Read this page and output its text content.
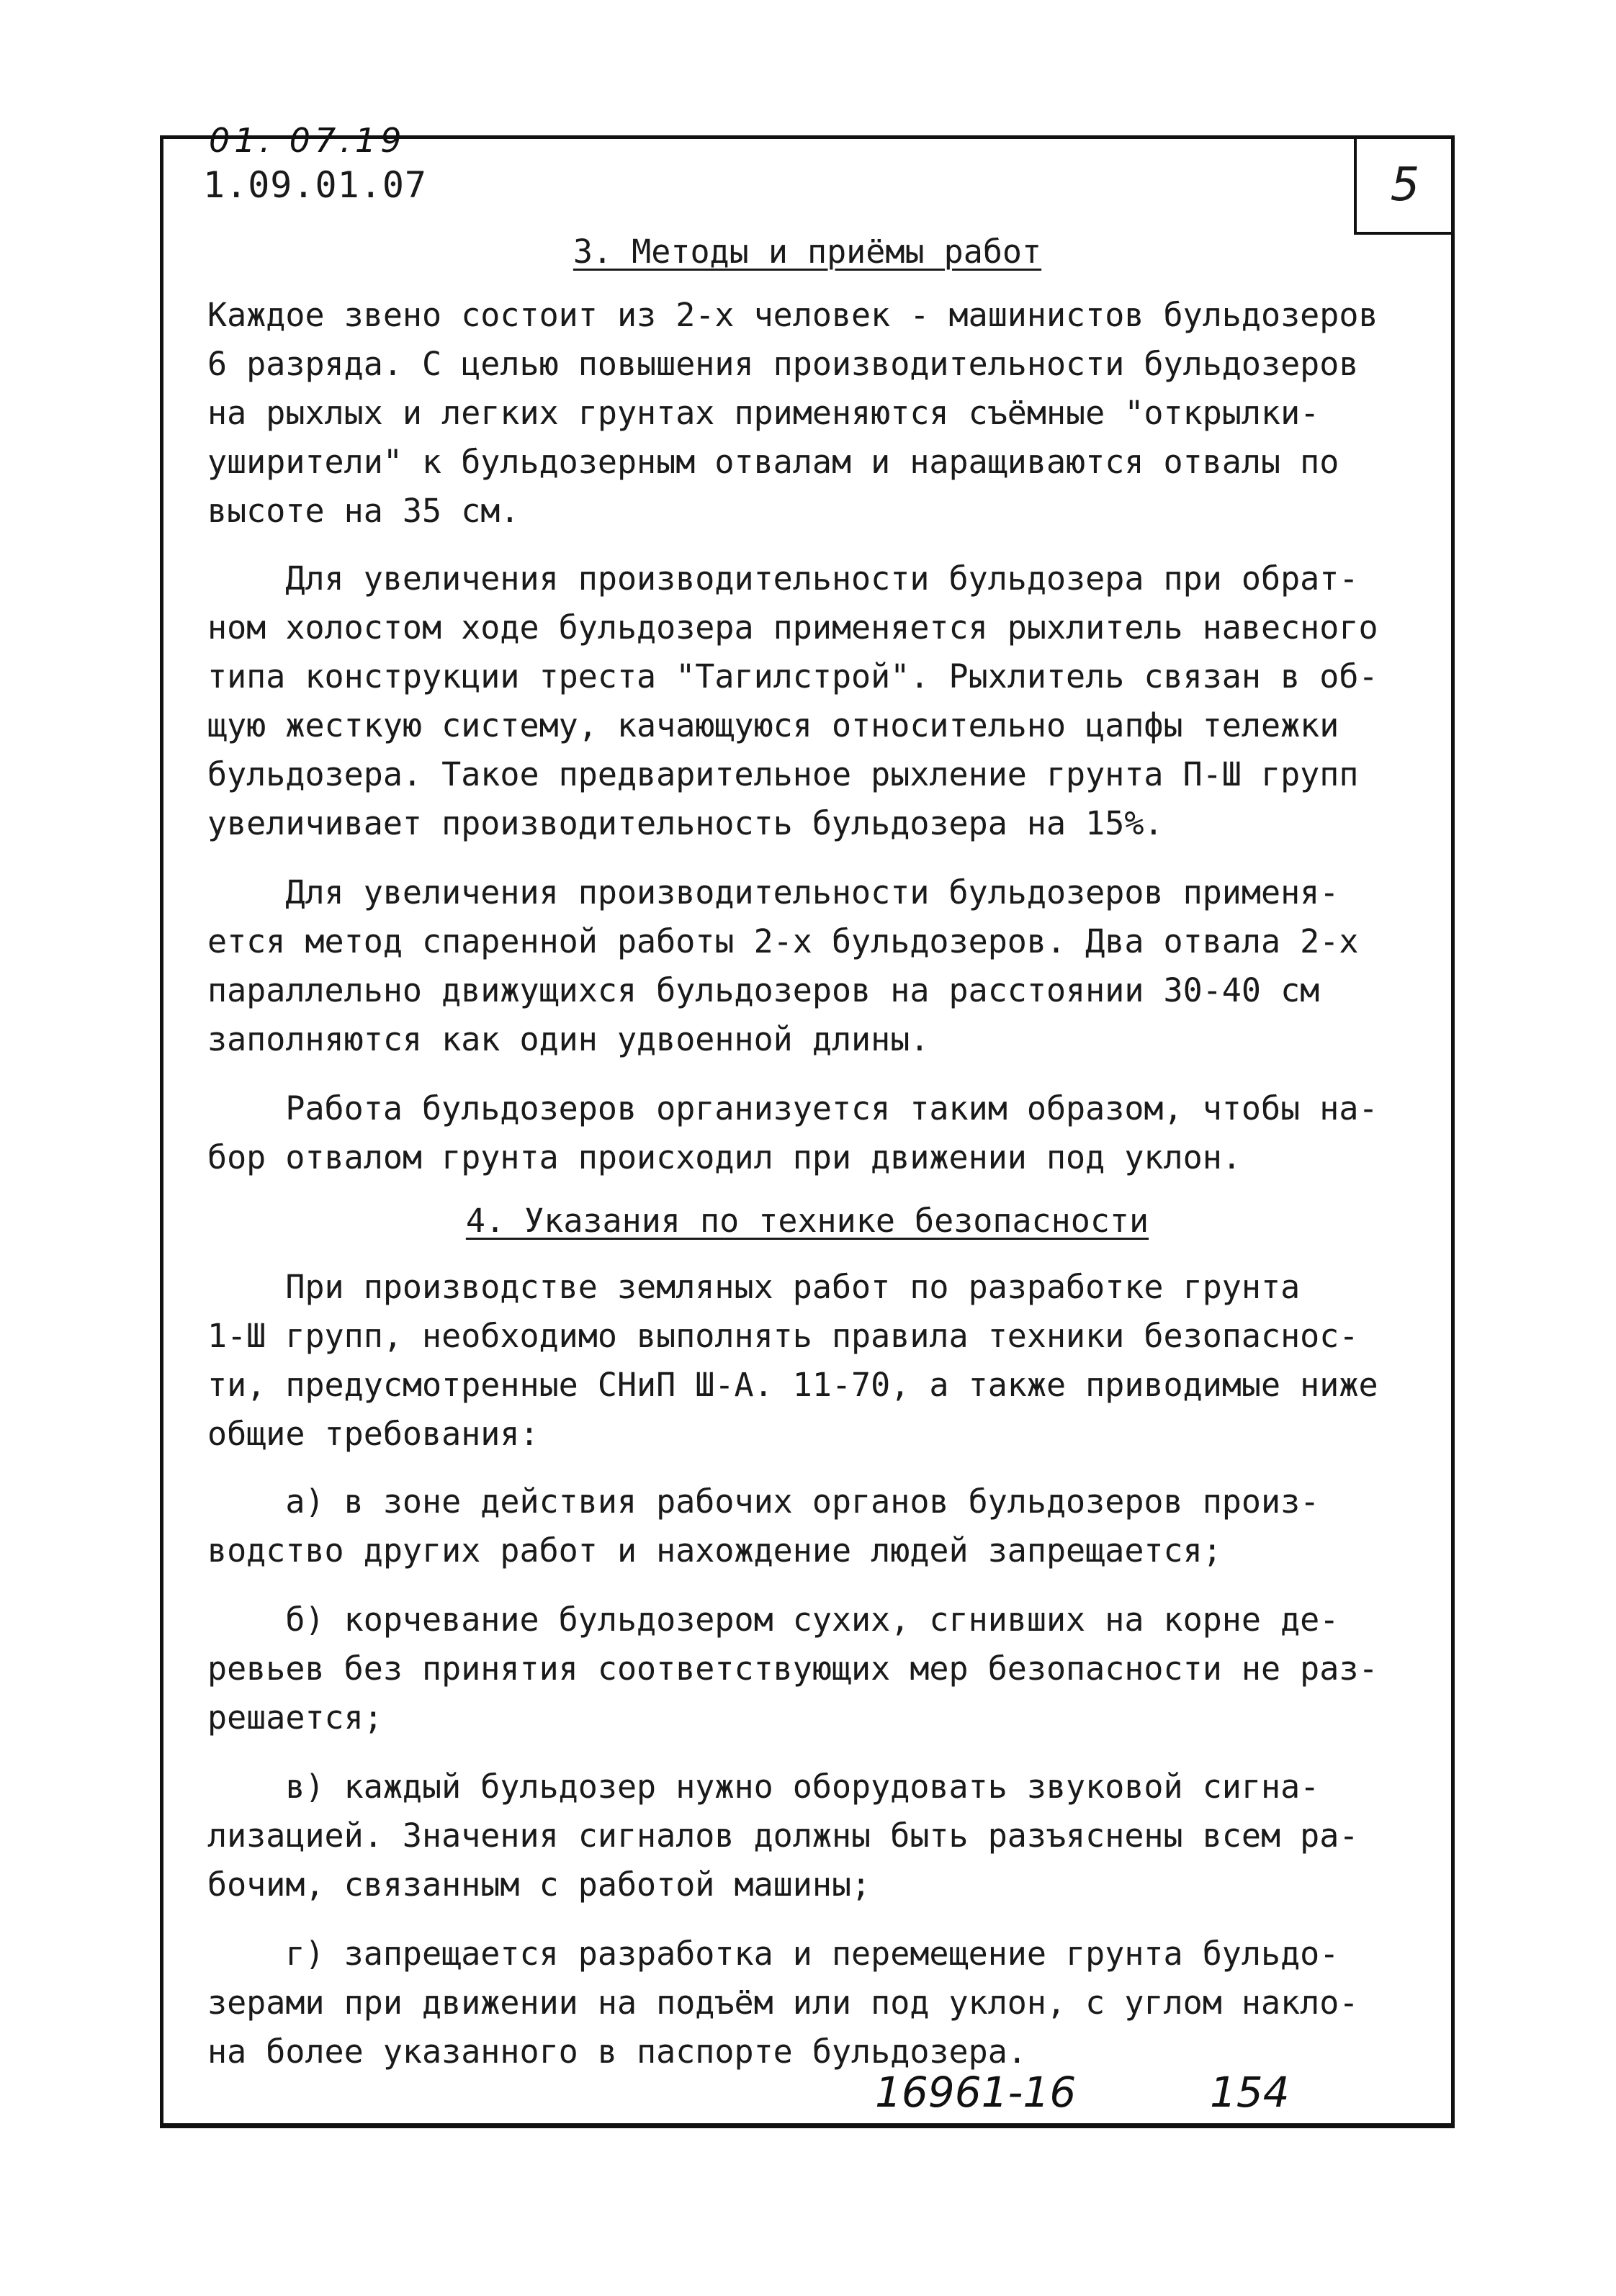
01. 07.19
1.09.01.07	5
3. Методы и приёмы работ
Каждое звено состоит из 2-х человек - машинистов бульдозеров
6 разряда. С целью повышения производительности бульдозеров
на рыхлых и легких грунтах применяются съёмные "открылки-
уширители" к бульдозерным отвалам и наращиваются отвалы по
высоте на 35 см.
Для увеличения производительности бульдозера при обрат-
ном холостом ходе бульдозера применяется рыхлитель навесного
типа конструкции треста "Тагилстрой". Рыхлитель связан в об-
щую жесткую систему, качающуюся относительно цапфы тележки
бульдозера. Такое предварительное рыхление грунта П-Ш групп
увеличивает производительность бульдозера на 15%.
Для увеличения производительности бульдозеров применя-
ется метод спаренной работы 2-х бульдозеров. Два отвала 2-х
параллельно движущихся бульдозеров на расстоянии 30-40 см
заполняются как один удвоенной длины.
Работа бульдозеров организуется таким образом, чтобы на-
бор отвалом грунта происходил при движении под уклон.
4. Указания по технике безопасности
При производстве земляных работ по разработке грунта
1-Ш групп, необходимо выполнять правила техники безопаснос-
ти, предусмотренные СНиП Ш-А. 11-70, а также приводимые ниже
общие требования:
а) в зоне действия рабочих органов бульдозеров произ-
водство других работ и нахождение людей запрещается;
б) корчевание бульдозером сухих, сгнивших на корне де-
ревьев без принятия соответствующих мер безопасности не раз-
решается;
в) каждый бульдозер нужно оборудовать звуковой сигна-
лизацией. Значения сигналов должны быть разъяснены всем ра-
бочим, связанным с работой машины;
г) запрещается разработка и перемещение грунта бульдо-
зерами при движении на подъём или под уклон, с углом накло-
на более указанного в паспорте бульдозера.
16961-16	154
